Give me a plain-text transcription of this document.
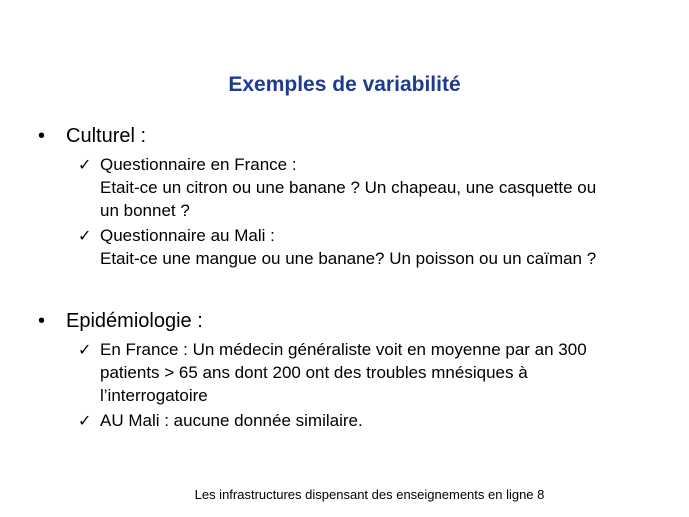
Exemples de variabilité
•	Culturel :
✓ Questionnaire en France :
Etait-ce un citron ou une banane ? Un chapeau, une casquette ou
un bonnet ?
✓ Questionnaire au Mali :
Etait-ce une mangue ou une banane? Un poisson ou un caïman ?
•	Epidémiologie :
✓ En France : Un médecin généraliste voit en moyenne par an 300
patients > 65 ans dont 200 ont des troubles mnésiques à
l’interrogatoire
✓ AU Mali : aucune donnée similaire.
Les infrastructures dispensant des enseignements en ligne 8
